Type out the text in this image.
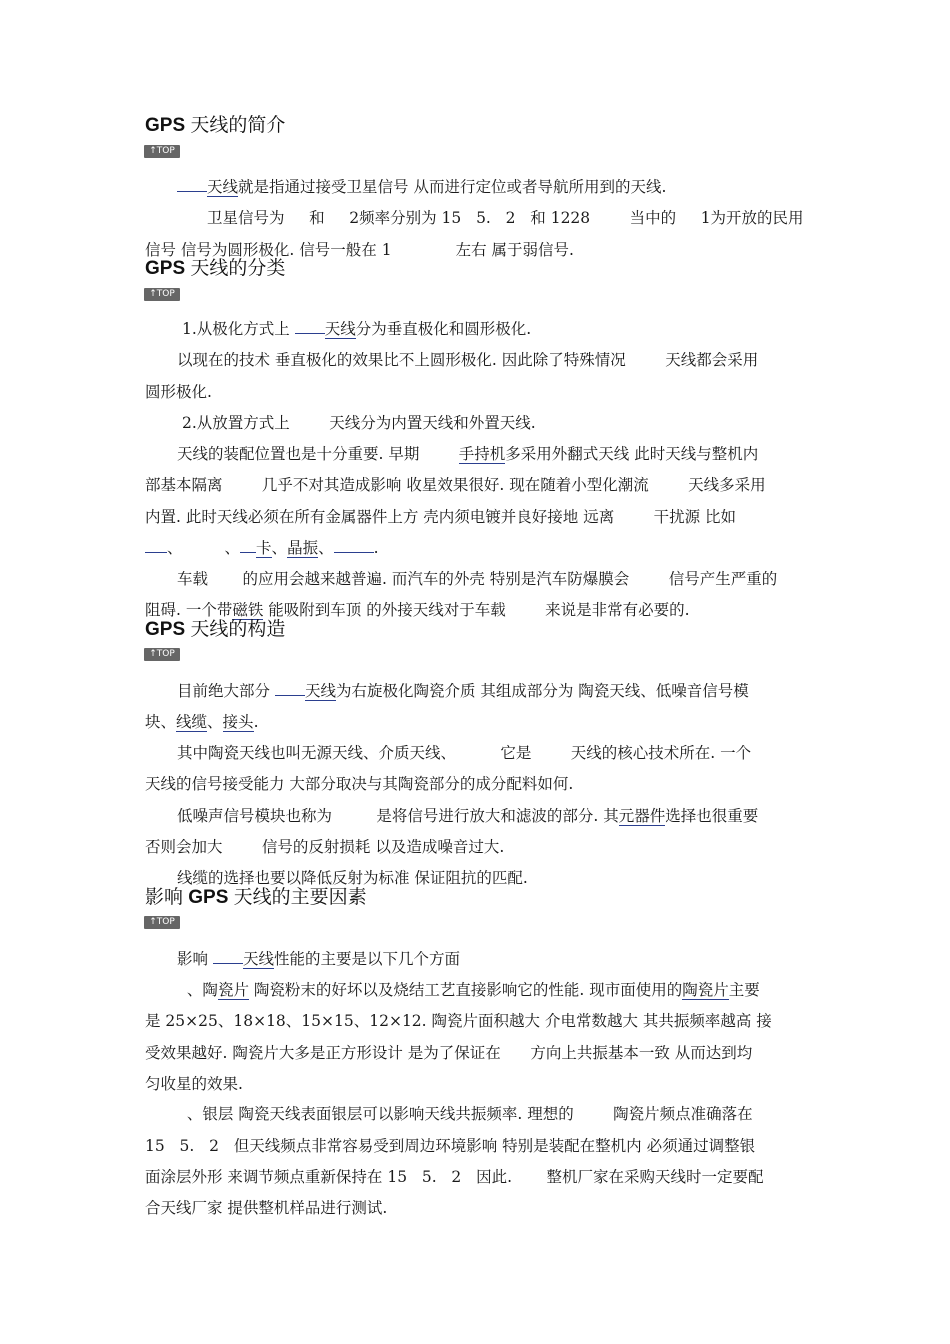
GPS 天线的简介
↑TOP
天线就是指通过接受卫星信号 从而进行定位或者导航所用到的天线.
卫星信号为     和     2频率分别为 15   5.   2   和 1228        当中的     1为开放的民用
信号 信号为圆形极化. 信号一般在 1             左右 属于弱信号.
GPS 天线的分类
↑TOP
1.从极化方式上 天线分为垂直极化和圆形极化.
以现在的技术 垂直极化的效果比不上圆形极化. 因此除了特殊情况        天线都会采用
圆形极化.
2.从放置方式上        天线分为内置天线和外置天线.
天线的装配位置也是十分重要. 早期        手持机多采用外翻式天线 此时天线与整机内
部基本隔离        几乎不对其造成影响 收星效果很好. 现在随着小型化潮流        天线多采用
内置. 此时天线必须在所有金属器件上方 壳内须电镀并良好接地 远离        干扰源 比如
、	、 卡、晶振、	.
车载       的应用会越来越普遍. 而汽车的外壳 特别是汽车防爆膜会        信号产生严重的
阻碍. 一个带磁铁 能吸附到车顶 的外接天线对于车载        来说是非常有必要的.
GPS 天线的构造
↑TOP
目前绝大部分 天线为右旋极化陶瓷介质 其组成部分为 陶瓷天线、低噪音信号模
块、线缆、接头.
其中陶瓷天线也叫无源天线、介质天线、         它是        天线的核心技术所在. 一个
天线的信号接受能力 大部分取决与其陶瓷部分的成分配料如何.
低噪声信号模块也称为         是将信号进行放大和滤波的部分. 其元器件选择也很重要
否则会加大        信号的反射损耗 以及造成噪音过大.
线缆的选择也要以降低反射为标准 保证阻抗的匹配.
影响 GPS 天线的主要因素
↑TOP
影响 天线性能的主要是以下几个方面
、陶瓷片 陶瓷粉末的好坏以及烧结工艺直接影响它的性能. 现市面使用的陶瓷片主要
是 25×25、18×18、15×15、12×12. 陶瓷片面积越大 介电常数越大 其共振频率越高 接
受效果越好. 陶瓷片大多是正方形设计 是为了保证在      方向上共振基本一致 从而达到均
匀收星的效果.
、银层 陶瓷天线表面银层可以影响天线共振频率. 理想的        陶瓷片频点准确落在
15   5.   2   但天线频点非常容易受到周边环境影响 特别是装配在整机内 必须通过调整银
面涂层外形 来调节频点重新保持在 15   5.   2   因此.       整机厂家在采购天线时一定要配
合天线厂家 提供整机样品进行测试.
